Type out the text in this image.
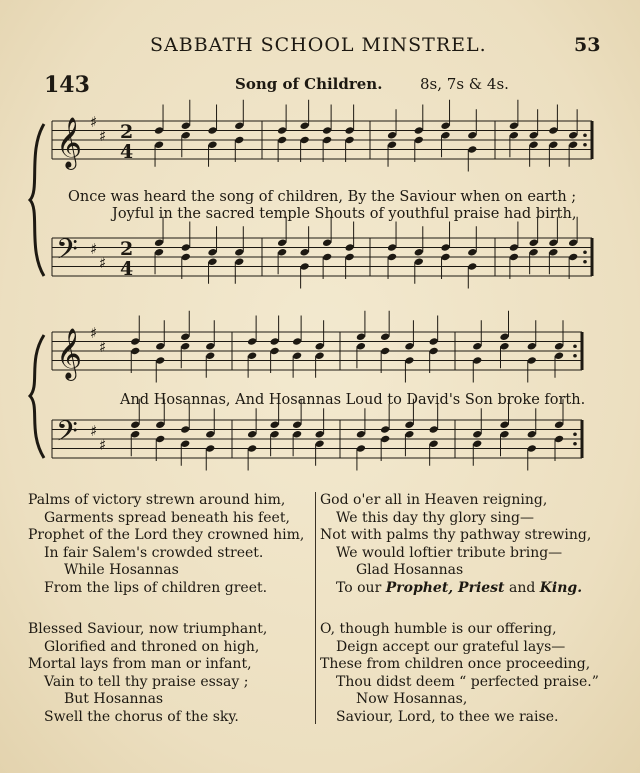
SABBATH SCHOOL MINSTREL.	53
143	Song of Children.	8s, 7s & 4s.
𝄞 ♯
♯ 2
4
𝄢 ♯
♯
2
4
𝄞 ♯
♯
𝄢 ♯
♯
Once was heard the song of children, By the Saviour when on earth ;
Joyful in the sacred temple Shouts of youthful praise had birth,
And Hosannas, And Hosannas Loud to David's Son broke forth.
Palms of victory strewn around him,
Garments spread beneath his feet,
Prophet of the Lord they crowned him,
In fair Salem's crowded street.
While Hosannas
From the lips of children greet.
God o'er all in Heaven reigning,
We this day thy glory sing—
Not with palms thy pathway strewing,
We would loftier tribute bring—
Glad Hosannas
To our Prophet, Priest and King.
Blessed Saviour, now triumphant,
Glorified and throned on high,
Mortal lays from man or infant,
Vain to tell thy praise essay ;
But Hosannas
Swell the chorus of the sky.
O, though humble is our offering,
Deign accept our grateful lays—
These from children once proceeding,
Thou didst deem “ perfected praise.”
Now Hosannas,
Saviour, Lord, to thee we raise.
